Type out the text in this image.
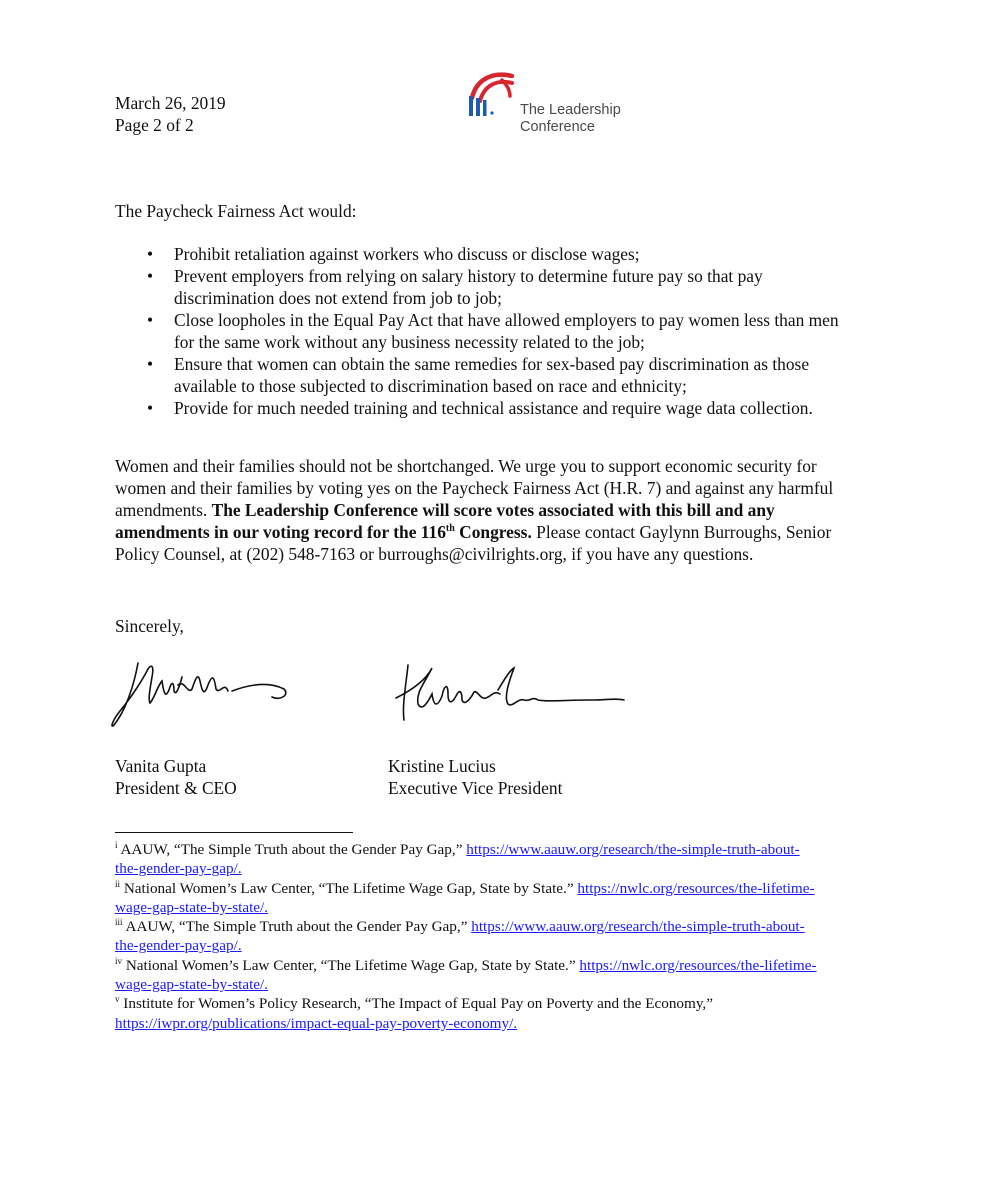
March 26, 2019
Page 2 of 2
The Leadership
Conference
The Paycheck Fairness Act would:
• Prohibit retaliation against workers who discuss or disclose wages;
• Prevent employers from relying on salary history to determine future pay so that pay
discrimination does not extend from job to job;
• Close loopholes in the Equal Pay Act that have allowed employers to pay women less than men
for the same work without any business necessity related to the job;
• Ensure that women can obtain the same remedies for sex-based pay discrimination as those
available to those subjected to discrimination based on race and ethnicity;
• Provide for much needed training and technical assistance and require wage data collection.
Women and their families should not be shortchanged. We urge you to support economic security for
women and their families by voting yes on the Paycheck Fairness Act (H.R. 7) and against any harmful
amendments. The Leadership Conference will score votes associated with this bill and any
amendments in our voting record for the 116th Congress. Please contact Gaylynn Burroughs, Senior
Policy Counsel, at (202) 548-7163 or burroughs@civilrights.org, if you have any questions.
Sincerely,
Vanita Gupta
President & CEO
Kristine Lucius
Executive Vice President
$^i$ AAUW, “The Simple Truth about the Gender Pay Gap,” https://www.aauw.org/research/the-simple-truth-about-
the-gender-pay-gap/.
$^{ii}$ National Women’s Law Center, “The Lifetime Wage Gap, State by State.” https://nwlc.org/resources/the-lifetime-
wage-gap-state-by-state/.
$^{iii}$ AAUW, “The Simple Truth about the Gender Pay Gap,” https://www.aauw.org/research/the-simple-truth-about-
the-gender-pay-gap/.
$^{iv}$ National Women’s Law Center, “The Lifetime Wage Gap, State by State.” https://nwlc.org/resources/the-lifetime-
wage-gap-state-by-state/.
$^v$ Institute for Women’s Policy Research, “The Impact of Equal Pay on Poverty and the Economy,”
https://iwpr.org/publications/impact-equal-pay-poverty-economy/.
